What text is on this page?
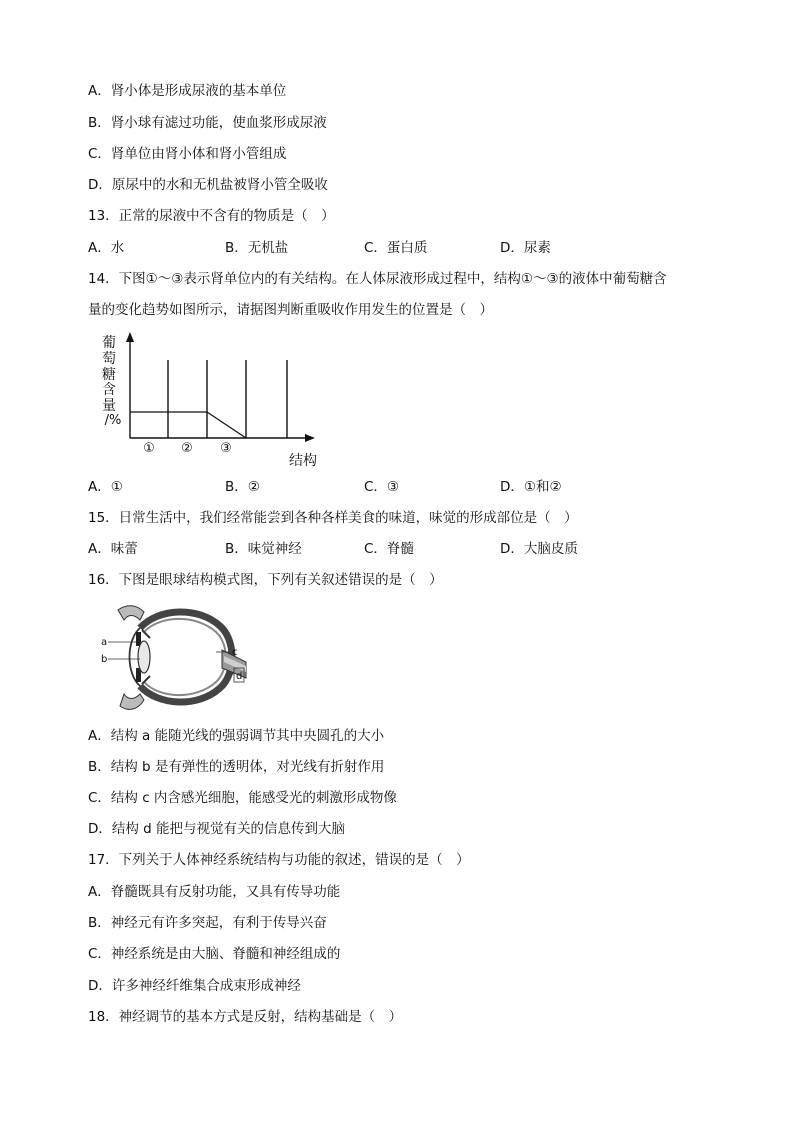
A．肾小体是形成尿液的基本单位
B．肾小球有滤过功能，使血浆形成尿液
C．肾单位由肾小体和肾小管组成
D．原尿中的水和无机盐被肾小管全吸收
13．正常的尿液中不含有的物质是（　）
A．水	B．无机盐	C．蛋白质	D．尿素
14．下图①～③表示肾单位内的有关结构。在人体尿液形成过程中，结构①～③的液体中葡萄糖含
量的变化趋势如图所示，请据图判断重吸收作用发生的位置是（　）
葡
萄
糖
含
量
/%
① ② ③
结构
A．①	B．②	C．③	D．①和②
15．日常生活中，我们经常能尝到各种各样美食的味道，味觉的形成部位是（　）
A．味蕾	B．味觉神经	C．脊髓	D．大脑皮质
16．下图是眼球结构模式图，下列有关叙述错误的是（　）
a
b
c
d
A．结构 a 能随光线的强弱调节其中央圆孔的大小
B．结构 b 是有弹性的透明体，对光线有折射作用
C．结构 c 内含感光细胞，能感受光的刺激形成物像
D．结构 d 能把与视觉有关的信息传到大脑
17．下列关于人体神经系统结构与功能的叙述，错误的是（　）
A．脊髓既具有反射功能，又具有传导功能
B．神经元有许多突起，有利于传导兴奋
C．神经系统是由大脑、脊髓和神经组成的
D．许多神经纤维集合成束形成神经
18．神经调节的基本方式是反射，结构基础是（　）
